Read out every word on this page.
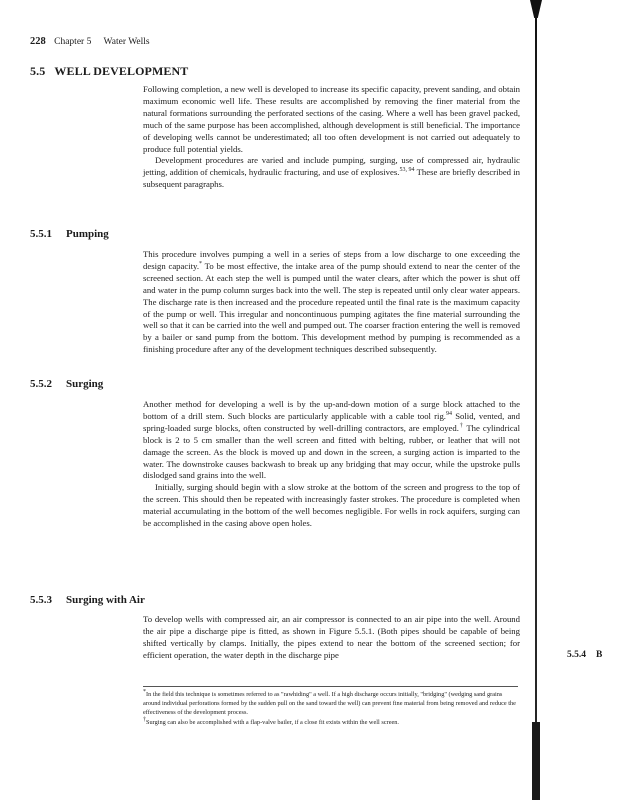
228 Chapter 5 Water Wells
5.5 WELL DEVELOPMENT

Following completion, a new well is developed to increase its specific capacity, prevent sanding, and obtain maximum economic well life. These results are accomplished by removing the finer material from the natural formations surrounding the perforated sections of the casing. Where a well has been gravel packed, much of the same purpose has been accomplished, although development is still beneficial. The importance of developing wells cannot be underestimated; all too often development is not carried out adequately to produce full potential yields.

Development procedures are varied and include pumping, surging, use of compressed air, hydraulic jetting, addition of chemicals, hydraulic fracturing, and use of explosives.$^{53, 94}$ These are briefly described in subsequent paragraphs.

5.5.1 Pumping

This procedure involves pumping a well in a series of steps from a low discharge to one exceeding the design capacity.* To be most effective, the intake area of the pump should extend to near the center of the screened section. At each step the well is pumped until the water clears, after which the power is shut off and water in the pump column surges back into the well. The step is repeated until only clear water appears. The discharge rate is then increased and the procedure repeated until the final rate is the maximum capacity of the pump or well. This irregular and noncontinuous pumping agitates the fine material surrounding the well so that it can be carried into the well and pumped out. The coarser fraction entering the well is removed by a bailer or sand pump from the bottom. This development method by pumping is recommended as a finishing procedure after any of the development techniques described subsequently.

5.5.2 Surging

Another method for developing a well is by the up-and-down motion of a surge block attached to the bottom of a drill stem. Such blocks are particularly applicable with a cable tool rig.$^{94}$ Solid, vented, and spring-loaded surge blocks, often constructed by well-drilling contractors, are employed.† The cylindrical block is 2 to 5 cm smaller than the well screen and fitted with belting, rubber, or leather that will not damage the screen. As the block is moved up and down in the screen, a surging action is imparted to the water. The downstroke causes backwash to break up any bridging that may occur, while the upstroke pulls dislodged sand grains into the well.

Initially, surging should begin with a slow stroke at the bottom of the screen and progress to the top of the screen. This should then be repeated with increasingly faster strokes. The procedure is completed when material accumulating in the bottom of the well becomes negligible. For wells in rock aquifers, surging can be accomplished in the casing above open holes.

5.5.3 Surging with Air

To develop wells with compressed air, an air compressor is connected to an air pipe into the well. Around the air pipe a discharge pipe is fitted, as shown in Figure 5.5.1. (Both pipes should be capable of being shifted vertically by clamps. Initially, the pipes extend to near the bottom of the screened section; for efficient operation, the water depth in the discharge pipe

*In the field this technique is sometimes referred to as "rawhiding" a well. If a high discharge occurs initially, "bridging" (wedging sand grains around individual perforations formed by the sudden pull on the sand toward the well) can prevent fine material from being removed and reduce the effectiveness of the development process.

†Surging can also be accomplished with a flap-valve bailer, if a close fit exists within the well screen.

5.5.4 B
